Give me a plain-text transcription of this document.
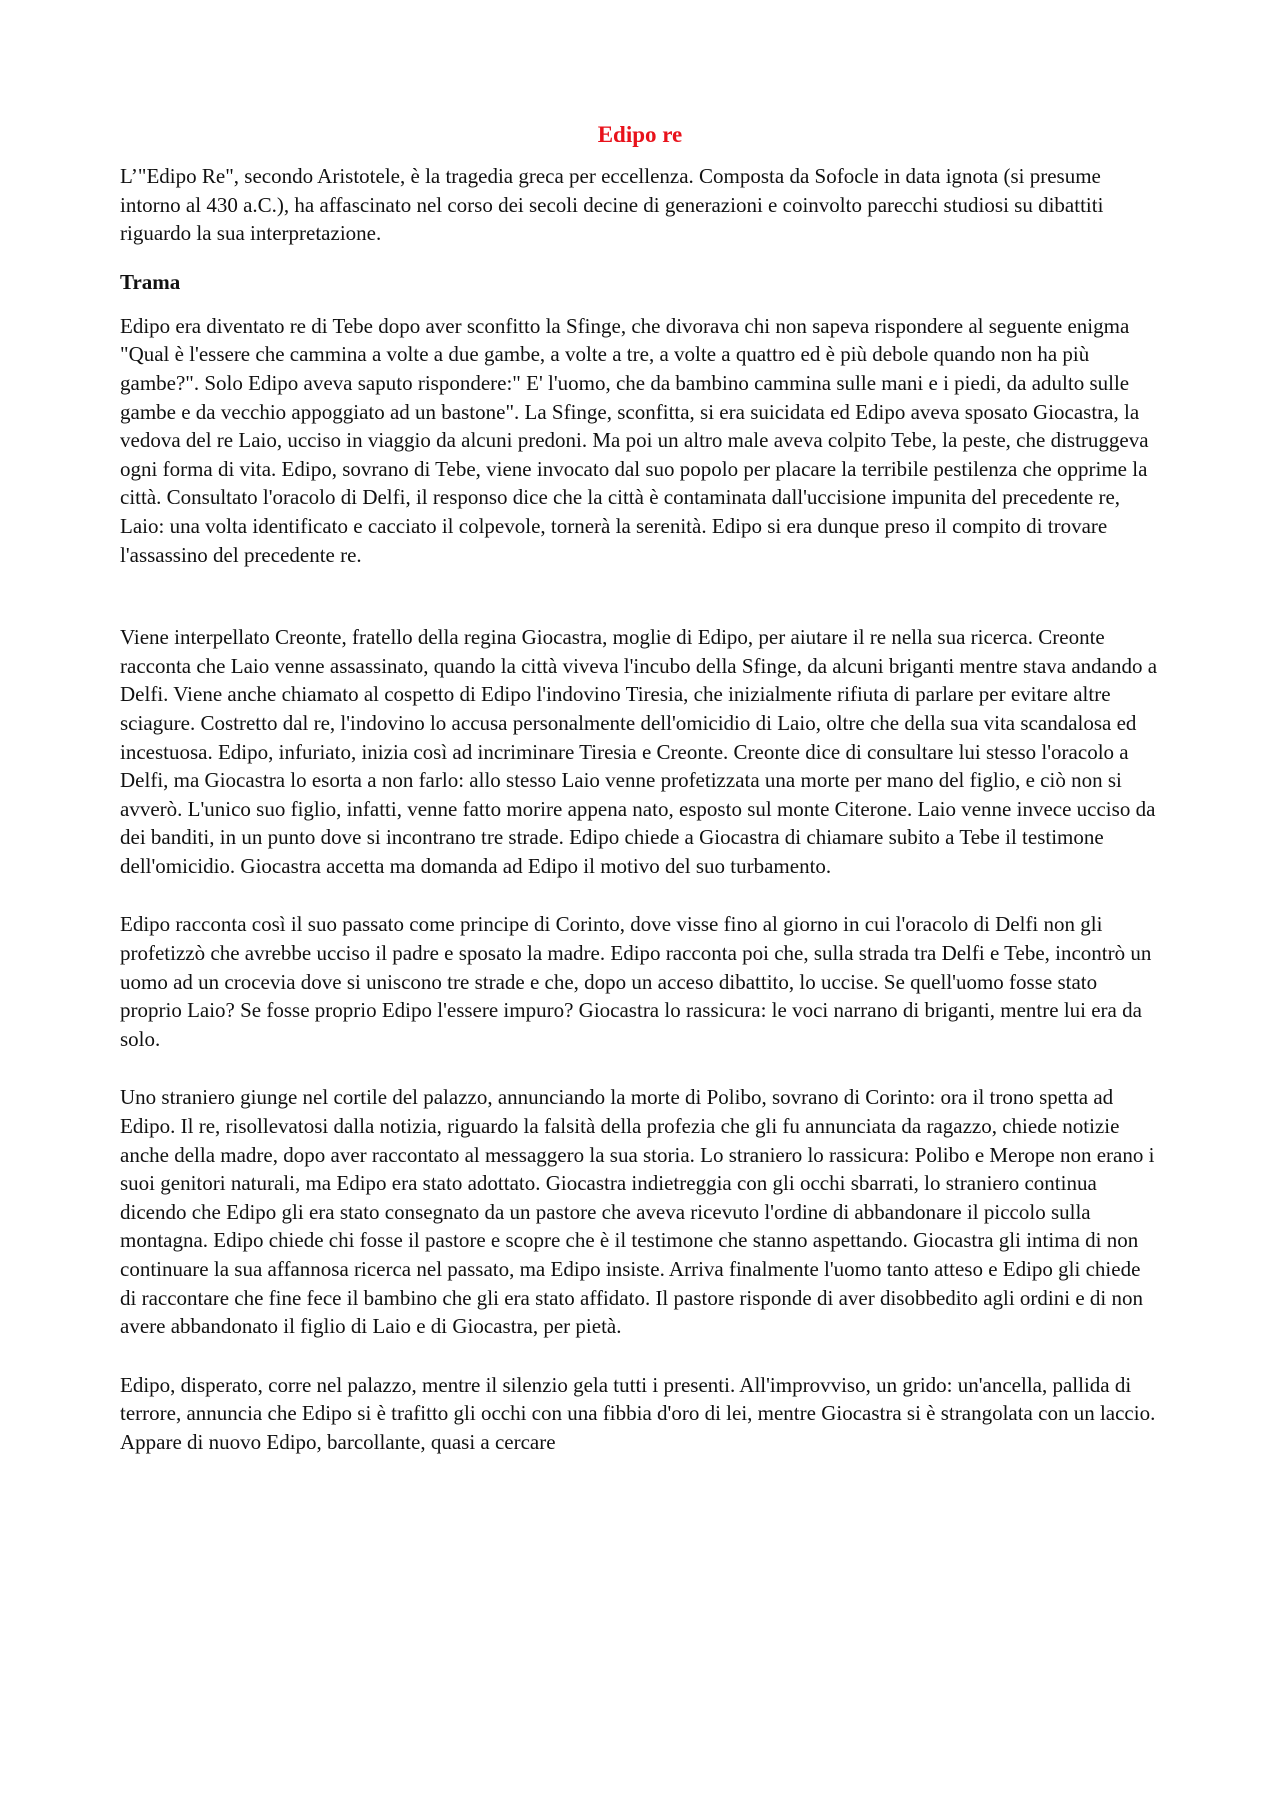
Edipo re

L’"Edipo Re", secondo Aristotele, è la tragedia greca per eccellenza. Composta da Sofocle in data ignota (si presume intorno al 430 a.C.), ha affascinato nel corso dei secoli decine di generazioni e coinvolto parecchi studiosi su dibattiti riguardo la sua interpretazione.

Trama

Edipo era diventato re di Tebe dopo aver sconfitto la Sfinge, che divorava chi non sapeva rispondere al seguente enigma "Qual è l'essere che cammina a volte a due gambe, a volte a tre, a volte a quattro ed è più debole quando non ha più gambe?". Solo Edipo aveva saputo rispondere:" E' l'uomo, che da bambino cammina sulle mani e i piedi, da adulto sulle gambe e da vecchio appoggiato ad un bastone". La Sfinge, sconfitta, si era suicidata ed Edipo aveva sposato Giocastra, la vedova del re Laio, ucciso in viaggio da alcuni predoni. Ma poi un altro male aveva colpito Tebe, la peste, che distruggeva ogni forma di vita. Edipo, sovrano di Tebe, viene invocato dal suo popolo per placare la terribile pestilenza che opprime la città. Consultato l'oracolo di Delfi, il responso dice che la città è contaminata dall'uccisione impunita del precedente re, Laio: una volta identificato e cacciato il colpevole, tornerà la serenità. Edipo si era dunque preso il compito di trovare l'assassino del precedente re.

Viene interpellato Creonte, fratello della regina Giocastra, moglie di Edipo, per aiutare il re nella sua ricerca. Creonte racconta che Laio venne assassinato, quando la città viveva l'incubo della Sfinge, da alcuni briganti mentre stava andando a Delfi. Viene anche chiamato al cospetto di Edipo l'indovino Tiresia, che inizialmente rifiuta di parlare per evitare altre sciagure. Costretto dal re, l'indovino lo accusa personalmente dell'omicidio di Laio, oltre che della sua vita scandalosa ed incestuosa. Edipo, infuriato, inizia così ad incriminare Tiresia e Creonte. Creonte dice di consultare lui stesso l'oracolo a Delfi, ma Giocastra lo esorta a non farlo: allo stesso Laio venne profetizzata una morte per mano del figlio, e ciò non si avverò. L'unico suo figlio, infatti, venne fatto morire appena nato, esposto sul monte Citerone. Laio venne invece ucciso da dei banditi, in un punto dove si incontrano tre strade. Edipo chiede a Giocastra di chiamare subito a Tebe il testimone dell'omicidio. Giocastra accetta ma domanda ad Edipo il motivo del suo turbamento.

Edipo racconta così il suo passato come principe di Corinto, dove visse fino al giorno in cui l'oracolo di Delfi non gli profetizzò che avrebbe ucciso il padre e sposato la madre. Edipo racconta poi che, sulla strada tra Delfi e Tebe, incontrò un uomo ad un crocevia dove si uniscono tre strade e che, dopo un acceso dibattito, lo uccise. Se quell'uomo fosse stato proprio Laio? Se fosse proprio Edipo l'essere impuro? Giocastra lo rassicura: le voci narrano di briganti, mentre lui era da solo.

Uno straniero giunge nel cortile del palazzo, annunciando la morte di Polibo, sovrano di Corinto: ora il trono spetta ad Edipo. Il re, risollevatosi dalla notizia, riguardo la falsità della profezia che gli fu annunciata da ragazzo, chiede notizie anche della madre, dopo aver raccontato al messaggero la sua storia. Lo straniero lo rassicura: Polibo e Merope non erano i suoi genitori naturali, ma Edipo era stato adottato. Giocastra indietreggia con gli occhi sbarrati, lo straniero continua dicendo che Edipo gli era stato consegnato da un pastore che aveva ricevuto l'ordine di abbandonare il piccolo sulla montagna. Edipo chiede chi fosse il pastore e scopre che è il testimone che stanno aspettando. Giocastra gli intima di non continuare la sua affannosa ricerca nel passato, ma Edipo insiste. Arriva finalmente l'uomo tanto atteso e Edipo gli chiede di raccontare che fine fece il bambino che gli era stato affidato. Il pastore risponde di aver disobbedito agli ordini e di non avere abbandonato il figlio di Laio e di Giocastra, per pietà.

Edipo, disperato, corre nel palazzo, mentre il silenzio gela tutti i presenti. All'improvviso, un grido: un'ancella, pallida di terrore, annuncia che Edipo si è trafitto gli occhi con una fibbia d'oro di lei, mentre Giocastra si è strangolata con un laccio. Appare di nuovo Edipo, barcollante, quasi a cercare
